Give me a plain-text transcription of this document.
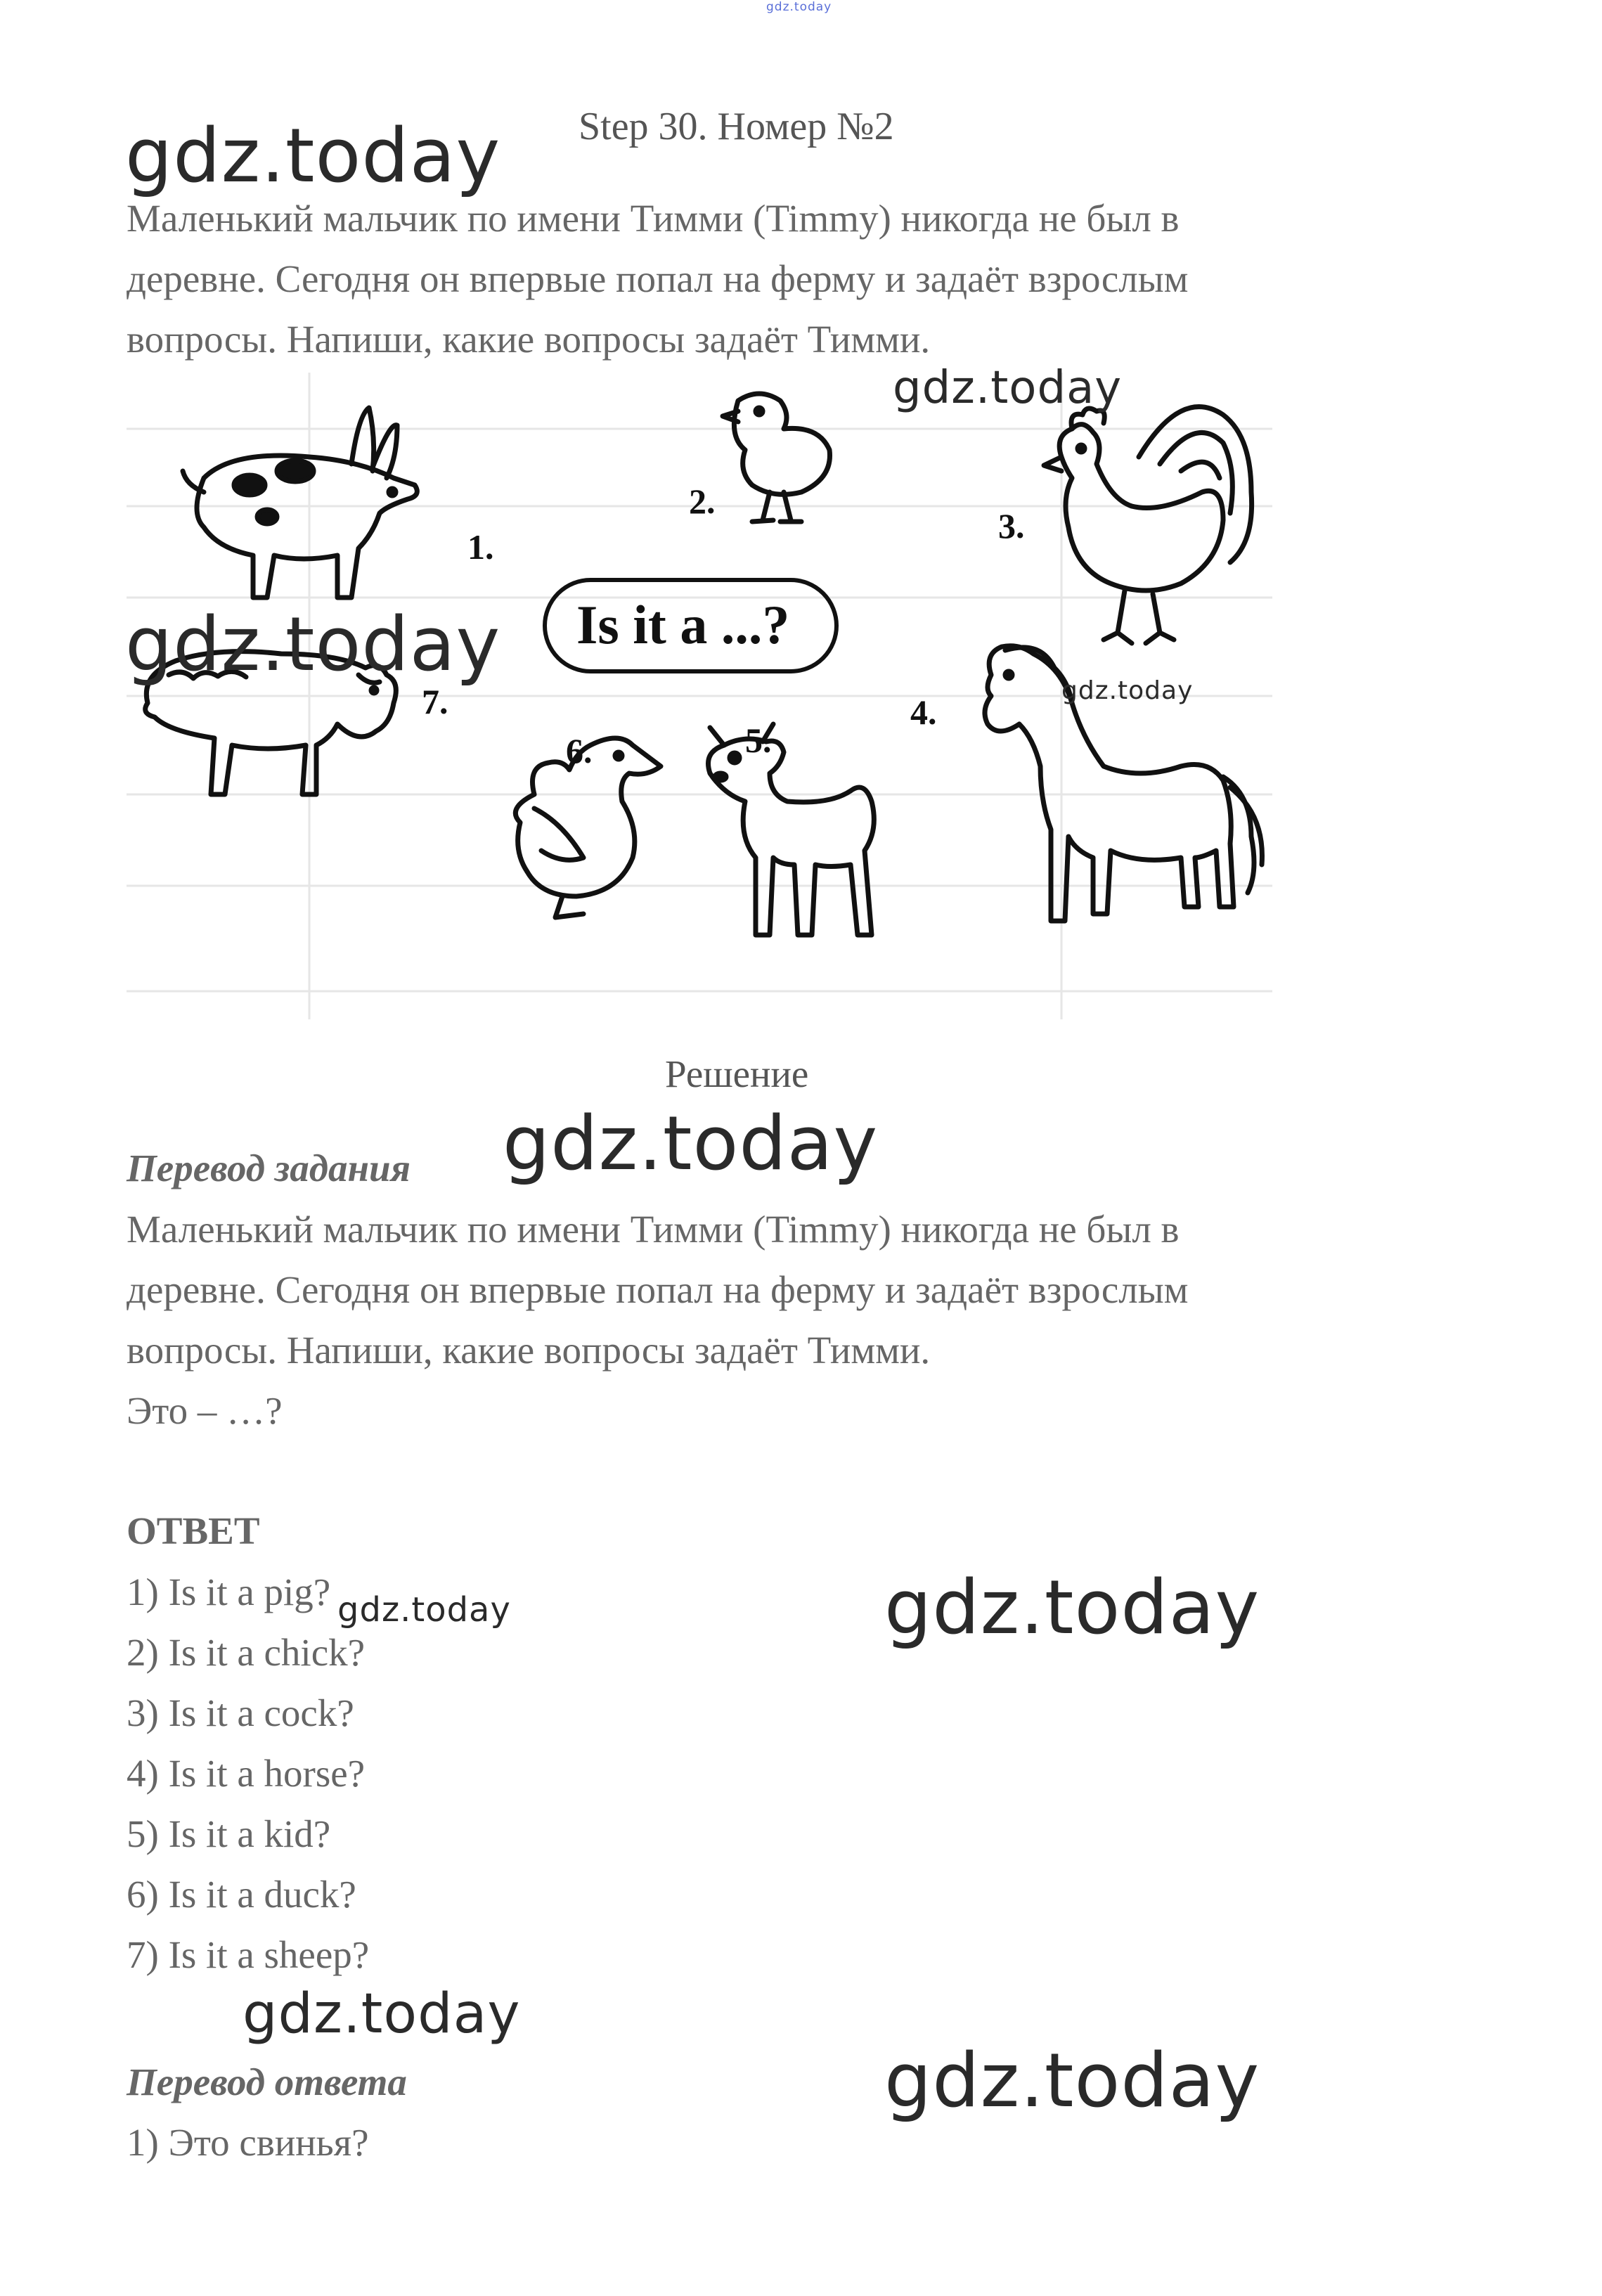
gdz.today
Step 30. Номер №2
gdz.today
Маленький мальчик по имени Тимми (Timmy) никогда не был в
деревне. Сегодня он впервые попал на ферму и задаёт взрослым
вопросы. Напиши, какие вопросы задаёт Тимми.
Is it a ...?
1.
2.
3.
4.
5.
6.
7.
gdz.today
gdz.today
gdz.today
Решение
gdz.today
Перевод задания
Маленький мальчик по имени Тимми (Timmy) никогда не был в
деревне. Сегодня он впервые попал на ферму и задаёт взрослым
вопросы. Напиши, какие вопросы задаёт Тимми.
Это – …?
ОТВЕТ
1) Is it a pig?
2) Is it a chick?
3) Is it a cock?
4) Is it a horse?
5) Is it a kid?
6) Is it a duck?
7) Is it a sheep?
gdz.today	gdz.today
gdz.today
gdz.today
Перевод ответа
1) Это свинья?
